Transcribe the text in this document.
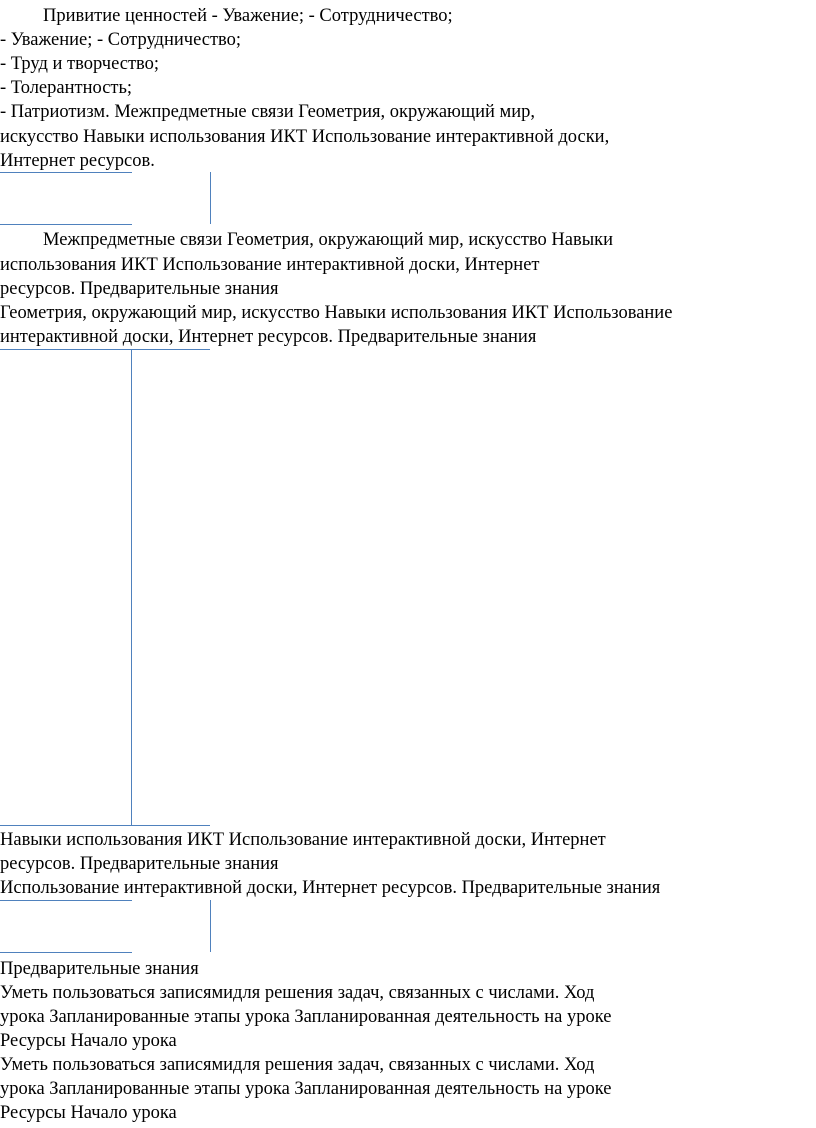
Привитие ценностей - Уважение; - Сотрудничество;

- Уважение; - Сотрудничество;

- Труд и творчество;

- Толерантность;

- Патриотизм. Межпредметные связи Геометрия, окружающий мир,

искусство Навыки использования ИКТ Использование интерактивной доски,

Интернет ресурсов.

Межпредметные связи Геометрия, окружающий мир, искусство Навыки

использования ИКТ Использование интерактивной доски, Интернет

ресурсов. Предварительные знания

Геометрия, окружающий мир, искусство Навыки использования ИКТ Использование

интерактивной доски, Интернет ресурсов. Предварительные знания

Навыки использования ИКТ Использование интерактивной доски, Интернет

ресурсов. Предварительные знания

Использование интерактивной доски, Интернет ресурсов. Предварительные знания

Предварительные знания

Уметь пользоваться записямидля решения задач, связанных с числами. Ход

урока Запланированные этапы урока Запланированная деятельность на уроке

Ресурсы Начало урока

Уметь пользоваться записямидля решения задач, связанных с числами. Ход

урока Запланированные этапы урока Запланированная деятельность на уроке

Ресурсы Начало урока
